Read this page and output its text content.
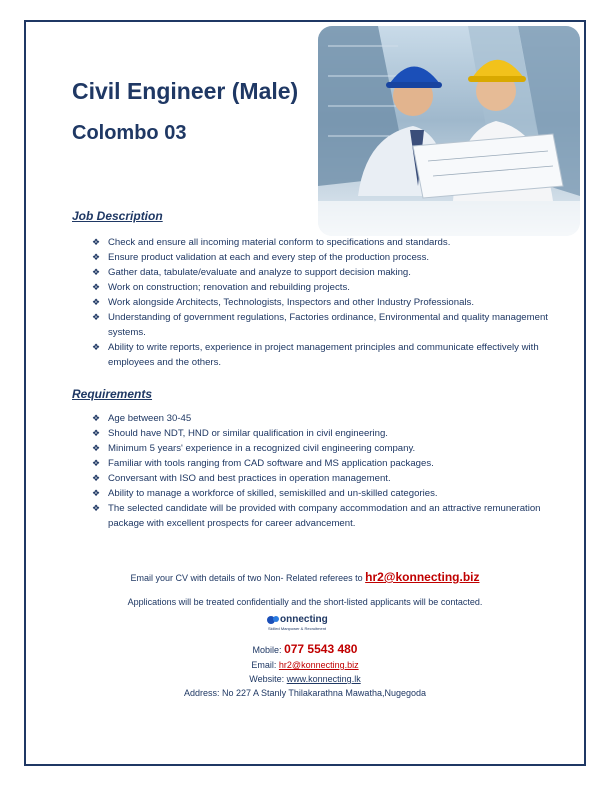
Civil Engineer (Male)
Colombo 03
Job Description
❖ Check and ensure all incoming material conform to specifications and standards.
❖ Ensure product validation at each and every step of the production process.
❖ Gather data, tabulate/evaluate and analyze to support decision making.
❖ Work on construction; renovation and rebuilding projects.
❖ Work alongside Architects, Technologists, Inspectors and other Industry Professionals.
❖ Understanding of government regulations, Factories ordinance, Environmental and quality management systems.
❖ Ability to write reports, experience in project management principles and communicate effectively with employees and the others.
Requirements
❖ Age between 30-45
❖ Should have NDT, HND or similar qualification in civil engineering.
❖ Minimum 5 years' experience in a recognized civil engineering company.
❖ Familiar with tools ranging from CAD software and MS application packages.
❖ Conversant with ISO and best practices in operation management.
❖ Ability to manage a workforce of skilled, semiskilled and un-skilled categories.
❖ The selected candidate will be provided with company accommodation and an attractive remuneration package with excellent prospects for career advancement.
Email your CV with details of two Non- Related referees to hr2@konnecting.biz
Applications will be treated confidentially and the short-listed applicants will be contacted.
onnecting
Skilled Manpower & Recruitment
Mobile: 077 5543 480
Email: hr2@konnecting.biz
Website: www.konnecting.lk
Address: No 227 A Stanly Thilakarathna Mawatha,Nugegoda
